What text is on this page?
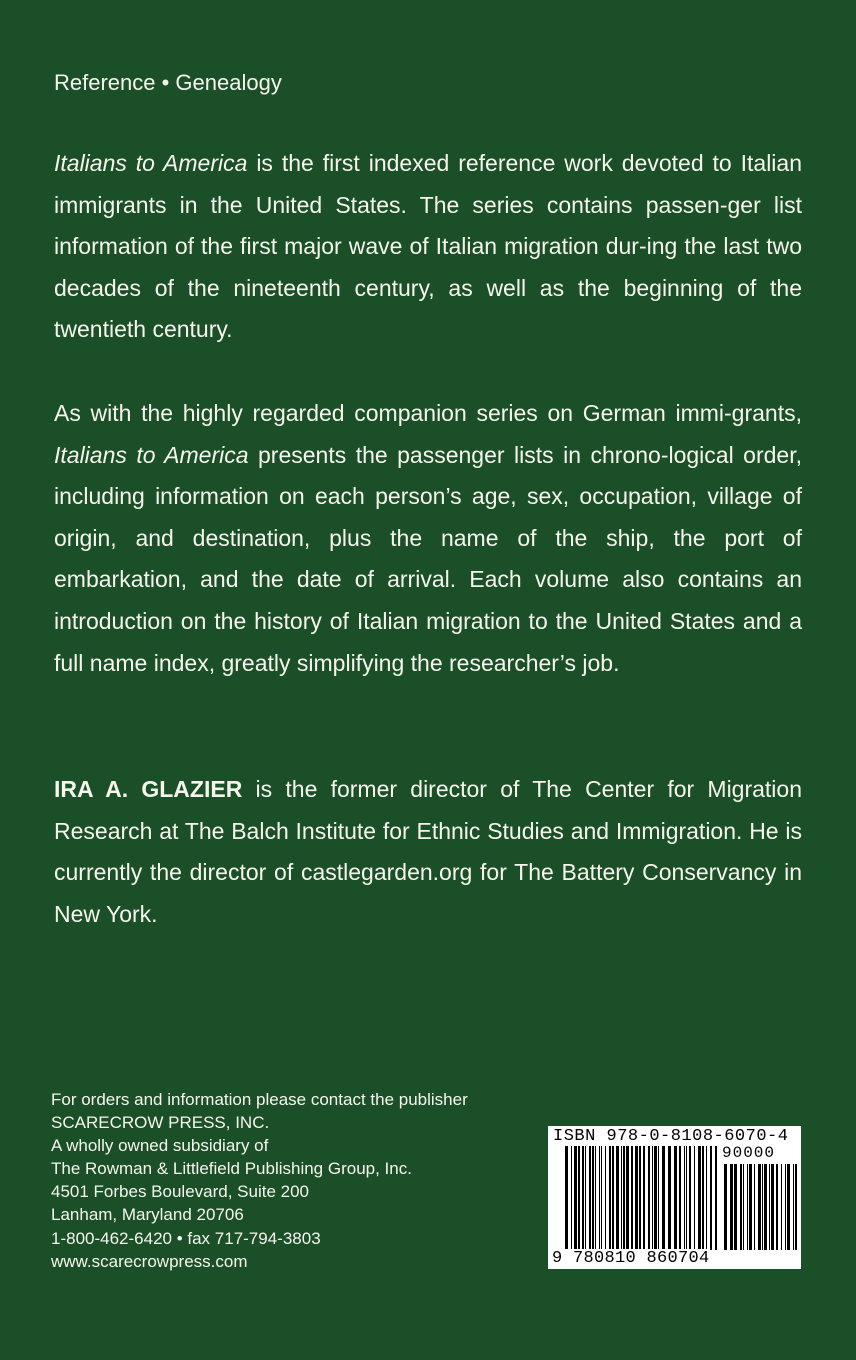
Reference • Genealogy

Italians to America is the first indexed reference work devoted to Italian immigrants in the United States. The series contains passen-ger list information of the first major wave of Italian migration dur-ing the last two decades of the nineteenth century, as well as the beginning of the twentieth century.

As with the highly regarded companion series on German immi-grants, Italians to America presents the passenger lists in chrono-logical order, including information on each person’s age, sex, occupation, village of origin, and destination, plus the name of the ship, the port of embarkation, and the date of arrival. Each volume also contains an introduction on the history of Italian migration to the United States and a full name index, greatly simplifying the researcher’s job.

IRA A. GLAZIER is the former director of The Center for Migration Research at The Balch Institute for Ethnic Studies and Immigration. He is currently the director of castlegarden.org for The Battery Conservancy in New York.

For orders and information please contact the publisher
SCARECROW PRESS, INC.
A wholly owned subsidiary of
The Rowman & Littlefield Publishing Group, Inc.
4501 Forbes Boulevard, Suite 200
Lanham, Maryland 20706
1-800-462-6420 • fax 717-794-3803
www.scarecrowpress.com
ISBN 978-0-8108-6070-4
90000
9 780810 860704
